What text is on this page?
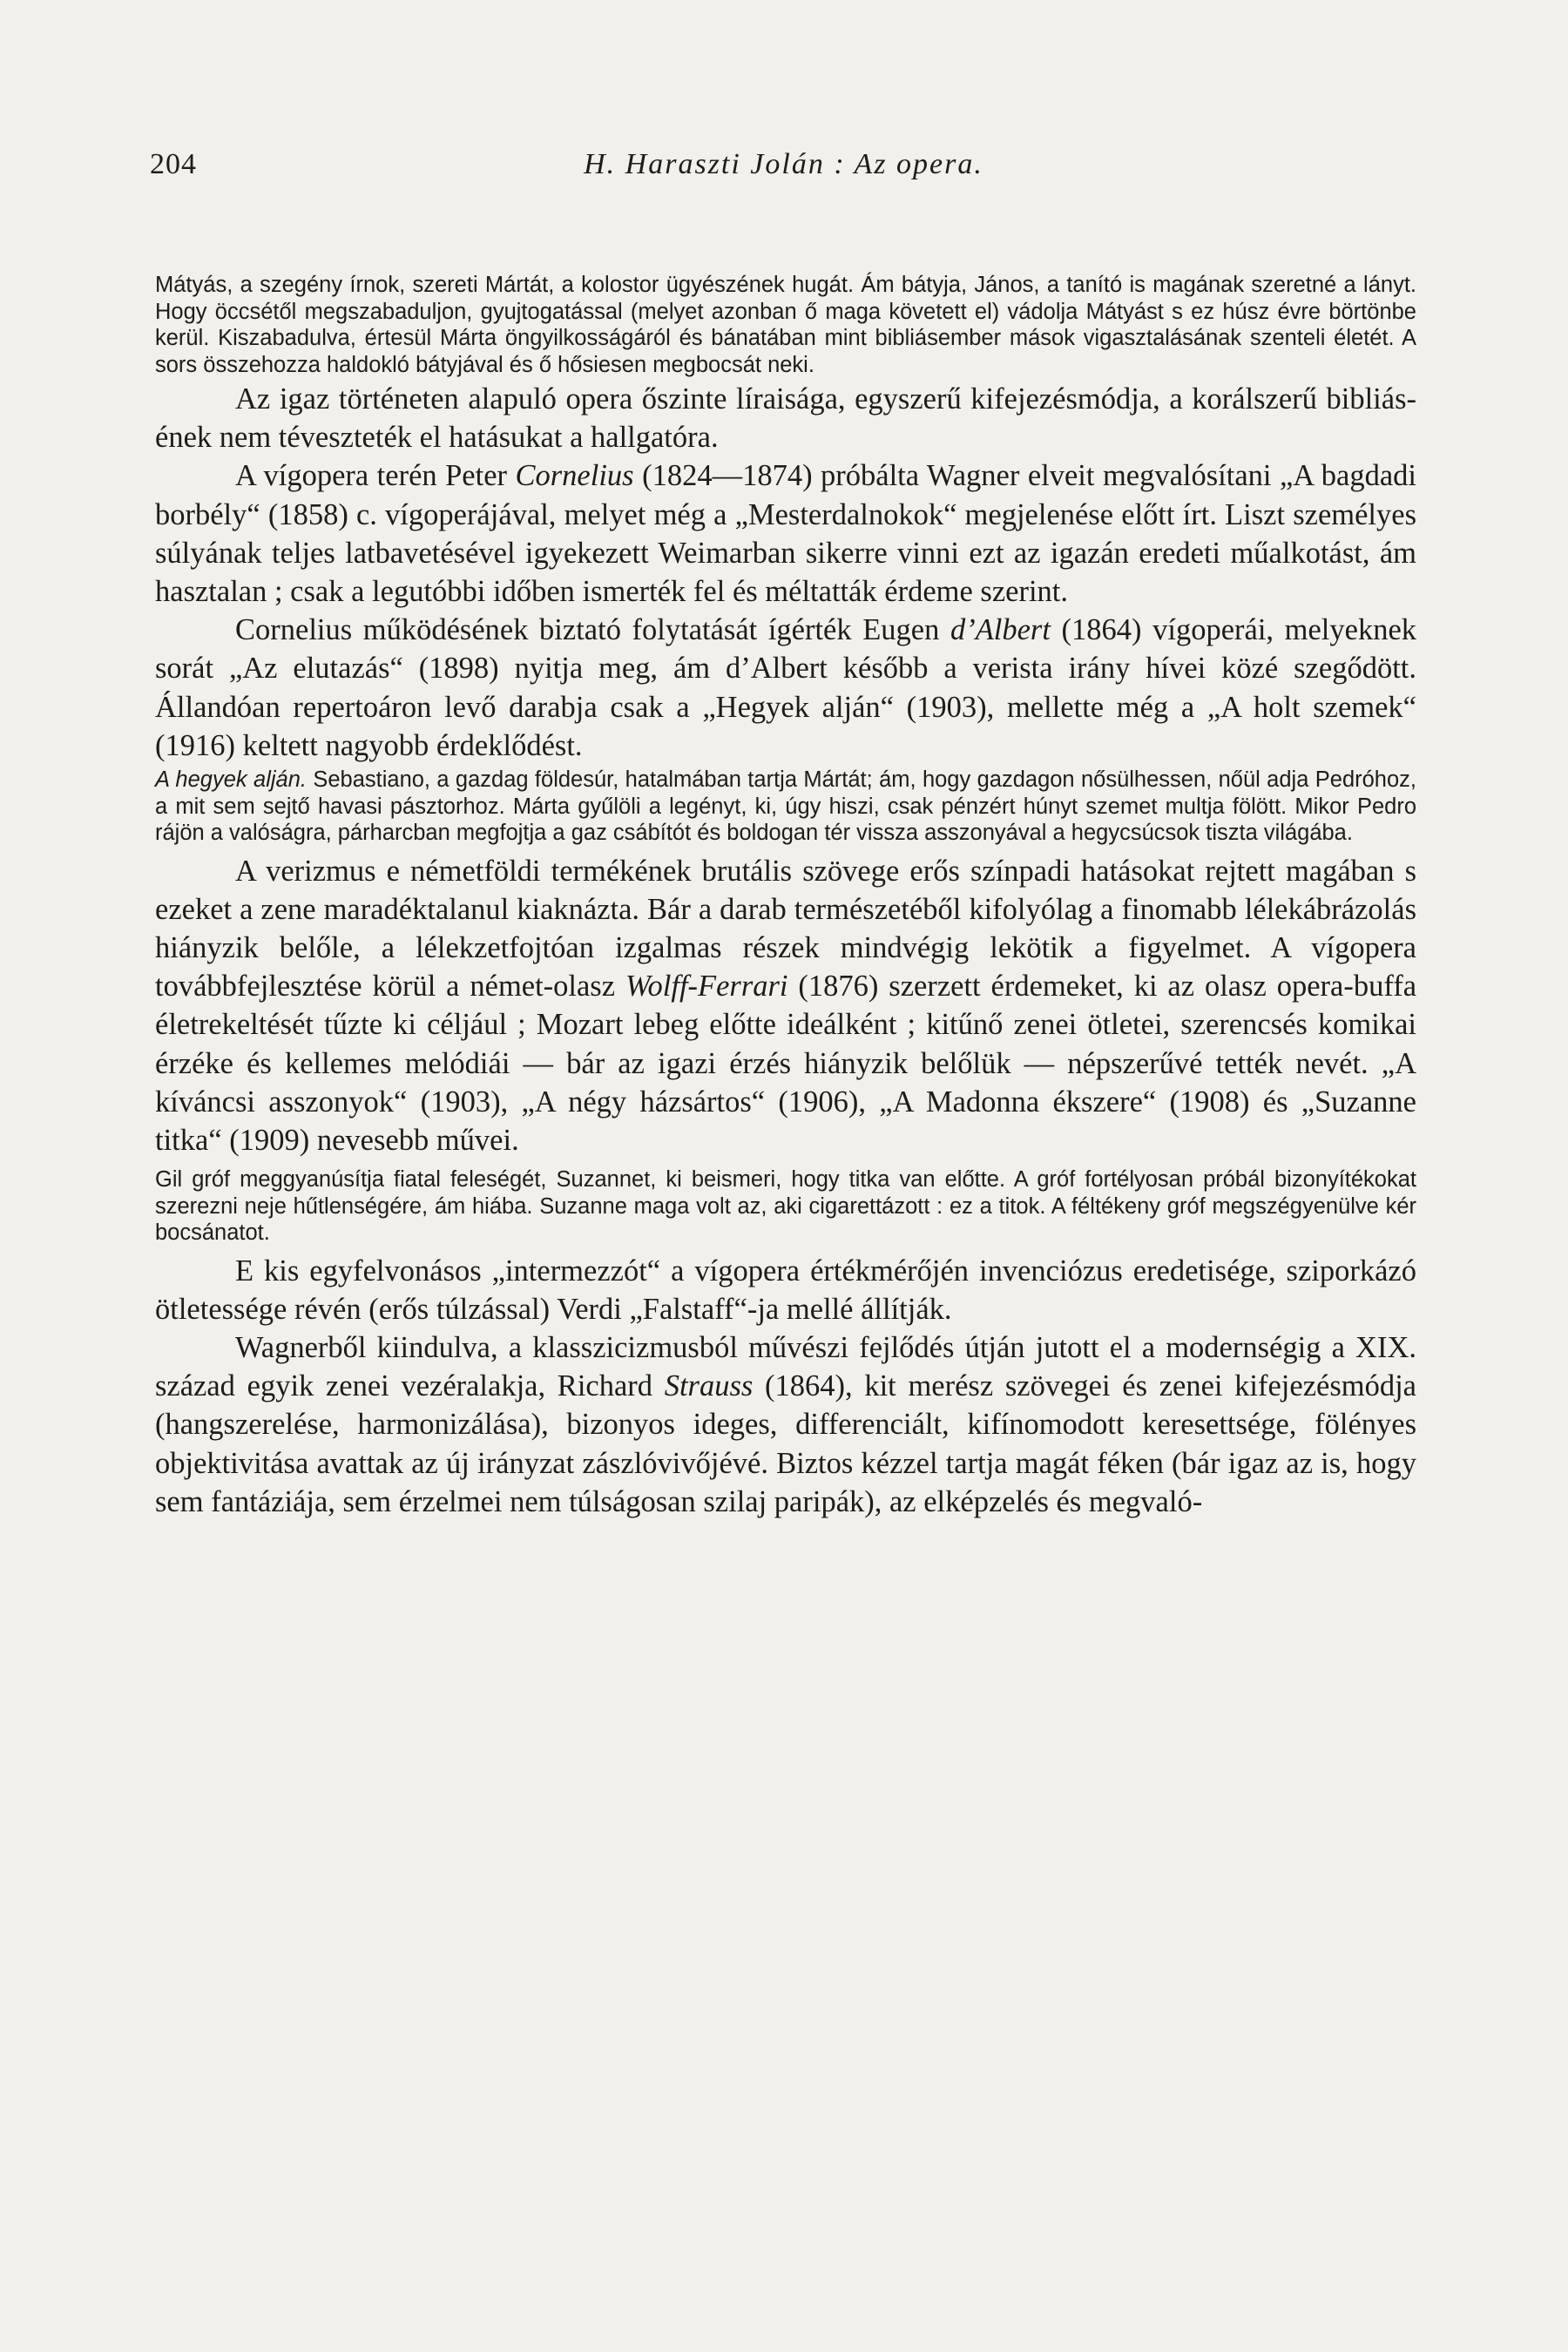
204	H. Haraszti Jolán : Az opera.

Mátyás, a szegény írnok, szereti Mártát, a kolostor ügyészének hugát. Ám bátyja, János, a tanító is magának szeretné a lányt. Hogy öccsétől megszabaduljon, gyujtogatással (melyet azonban ő maga követett el) vádolja Mátyást s ez húsz évre börtönbe kerül. Kiszabadulva, értesül Márta öngyilkosságáról és bánatában mint bibliásember mások vigasztalásának szenteli életét. A sors összehozza haldokló bátyjával és ő hősiesen megbocsát neki.

Az igaz történeten alapuló opera őszinte líraisága, egyszerű kifejezésmódja, a korálszerű bibliás-ének nem téveszteték el hatásukat a hallgatóra.

A vígopera terén Peter Cornelius (1824—1874) próbálta Wagner elveit megvalósítani „A bagdadi borbély“ (1858) c. vígoperájával, melyet még a „Mesterdalnokok“ megjelenése előtt írt. Liszt személyes súlyának teljes latbavetésével igyekezett Weimarban sikerre vinni ezt az igazán eredeti műalkotást, ám hasztalan ; csak a legutóbbi időben ismerték fel és méltatták érdeme szerint.

Cornelius működésének biztató folytatását ígérték Eugen d’Albert (1864) vígoperái, melyeknek sorát „Az elutazás“ (1898) nyitja meg, ám d’Albert később a verista irány hívei közé szegődött. Állandóan repertoáron levő darabja csak a „Hegyek alján“ (1903), mellette még a „A holt szemek“ (1916) keltett nagyobb érdeklődést.

A hegyek alján. Sebastiano, a gazdag földesúr, hatalmában tartja Mártát; ám, hogy gazdagon nősülhessen, nőül adja Pedróhoz, a mit sem sejtő havasi pásztorhoz. Márta gyűlöli a legényt, ki, úgy hiszi, csak pénzért húnyt szemet multja fölött. Mikor Pedro rájön a valóságra, párharcban megfojtja a gaz csábítót és boldogan tér vissza asszonyával a hegycsúcsok tiszta világába.

A verizmus e németföldi termékének brutális szövege erős színpadi hatásokat rejtett magában s ezeket a zene maradéktalanul kiaknázta. Bár a darab természetéből kifolyólag a finomabb lélekábrázolás hiányzik belőle, a lélekzetfojtóan izgalmas részek mindvégig lekötik a figyelmet. A vígopera továbbfejlesztése körül a német-olasz Wolff-Ferrari (1876) szerzett érdemeket, ki az olasz opera-buffa életrekeltését tűzte ki céljául ; Mozart lebeg előtte ideálként ; kitűnő zenei ötletei, szerencsés komikai érzéke és kellemes melódiái — bár az igazi érzés hiányzik belőlük — népszerűvé tették nevét. „A kíváncsi asszonyok“ (1903), „A négy házsártos“ (1906), „A Madonna ékszere“ (1908) és „Suzanne titka“ (1909) nevesebb művei.

Gil gróf meggyanúsítja fiatal feleségét, Suzannet, ki beismeri, hogy titka van előtte. A gróf fortélyosan próbál bizonyítékokat szerezni neje hűtlenségére, ám hiába. Suzanne maga volt az, aki cigarettázott : ez a titok. A féltékeny gróf megszégyenülve kér bocsánatot.

E kis egyfelvonásos „intermezzót“ a vígopera értékmérőjén invenciózus eredetisége, sziporkázó ötletessége révén (erős túlzással) Verdi „Falstaff“-ja mellé állítják.

Wagnerből kiindulva, a klasszicizmusból művészi fejlődés útján jutott el a modernségig a XIX. század egyik zenei vezéralakja, Richard Strauss (1864), kit merész szövegei és zenei kifejezésmódja (hangszerelése, harmonizálása), bizonyos ideges, differenciált, kifínomodott keresettsége, fölényes objektivitása avattak az új irányzat zászlóvivőjévé. Biztos kézzel tartja magát féken (bár igaz az is, hogy sem fantáziája, sem érzelmei nem túlságosan szilaj paripák), az elképzelés és megvaló-
